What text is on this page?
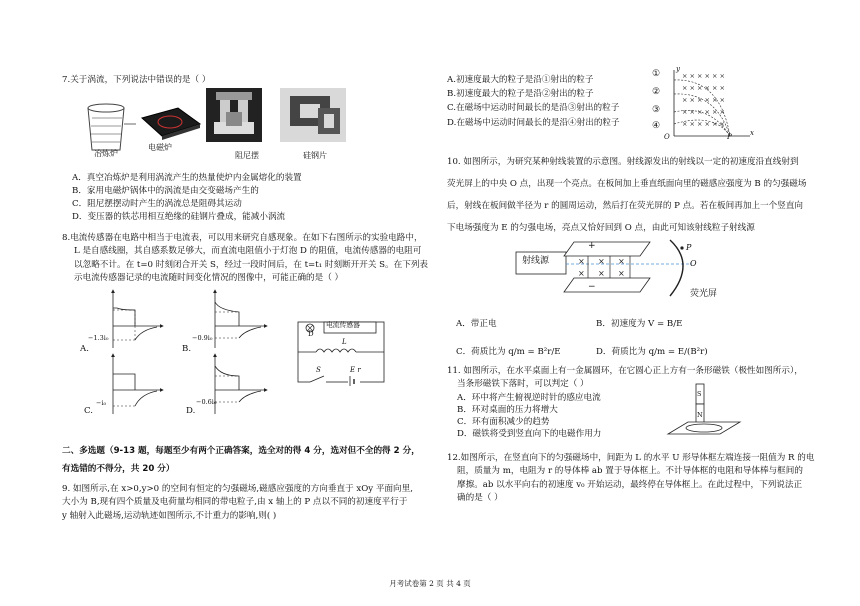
7.关于涡流，下列说法中错误的是（ ）
冶炼炉
电磁炉
阻尼摆	硅钢片
A．真空冶炼炉是利用涡流产生的热量使炉内金属熔化的装置
B．家用电磁炉锅体中的涡流是由交变磁场产生的
C．阻尼摆摆动时产生的涡流总是阻碍其运动
D．变压器的铁芯用相互绝缘的硅钢片叠成，能减小涡流
8.电流传感器在电路中相当于电流表，可以用来研究自感现象。在如下右图所示的实验电路中，
L 是自感线圈，其自感系数足够大，而直流电阻值小于灯泡 D 的阻值，电流传感器的电阻可
以忽略不计。在 t=0 时刻闭合开关 S，经过一段时间后，在 t=t₁ 时刻断开开关 S。在下列表
示电流传感器记录的电流随时间变化情况的图像中，可能正确的是（ ）
A.	B.
C.	D.
−1.3i₀	−0.9i₀
−i₀	−0.6i₀
电流传感器
D
L
S	E r
二、多选题（9-13 题，每题至少有两个正确答案，选全对的得 4 分，选对但不全的得 2 分，
有选错的不得分，共 20 分）
9. 如图所示,在 x>0,y>0 的空间有恒定的匀强磁场,磁感应强度的方向垂直于 xOy 平面向里,
大小为 B,现有四个质量及电荷量均相同的带电粒子,由 x 轴上的 P 点以不同的初速度平行于
y 轴射入此磁场,运动轨迹如图所示,不计重力的影响,则( )
A.初速度最大的粒子是沿①射出的粒子
B.初速度最大的粒子是沿②射出的粒子
C.在磁场中运动时间最长的是沿③射出的粒子
D.在磁场中运动时间最长的是沿④射出的粒子
× × × × × ×
× × × × × ×
× × × × × ×
× × × × × ×
× × × × × ×
①
②
③
④
O	P	x
y
10. 如图所示，为研究某种射线装置的示意图。射线源发出的射线以一定的初速度沿直线射到
荧光屏上的中央 O 点，出现一个亮点。在板间加上垂直纸面向里的磁感应强度为 B 的匀强磁场
后，射线在板间做半径为 r 的圆周运动，然后打在荧光屏的 P 点。若在板间再加上一个竖直向
下电场强度为 E 的匀强电场，亮点又恰好回到 O 点，由此可知该射线粒子射线源
× × ×
× × ×
射线源
荧光屏
P
O
+
−
A．带正电	B．初速度为 V = B/E
C．荷质比为 q/m = B²r/E	D．荷质比为 q/m = E/(B²r)
11. 如图所示，在水平桌面上有一金属圆环，在它圆心正上方有一条形磁铁（极性如图所示），
当条形磁铁下落时，可以判定（ ）
A．环中将产生俯视逆时针的感应电流
B．环对桌面的压力将增大
C．环有面积减少的趋势
D．磁铁将受到竖直向下的电磁作用力
S
N
12.如图所示，在竖直向下的匀强磁场中，间距为 L 的水平 U 形导体框左端连接一阻值为 R 的电
阻，质量为 m，电阻为 r 的导体棒 ab 置于导体框上。不计导体框的电阻和导体棒与框间的
摩擦。ab 以水平向右的初速度 v₀ 开始运动，最终停在导体框上。在此过程中，下列说法正
确的是（ ）
月考试卷第 2 页 共 4 页
